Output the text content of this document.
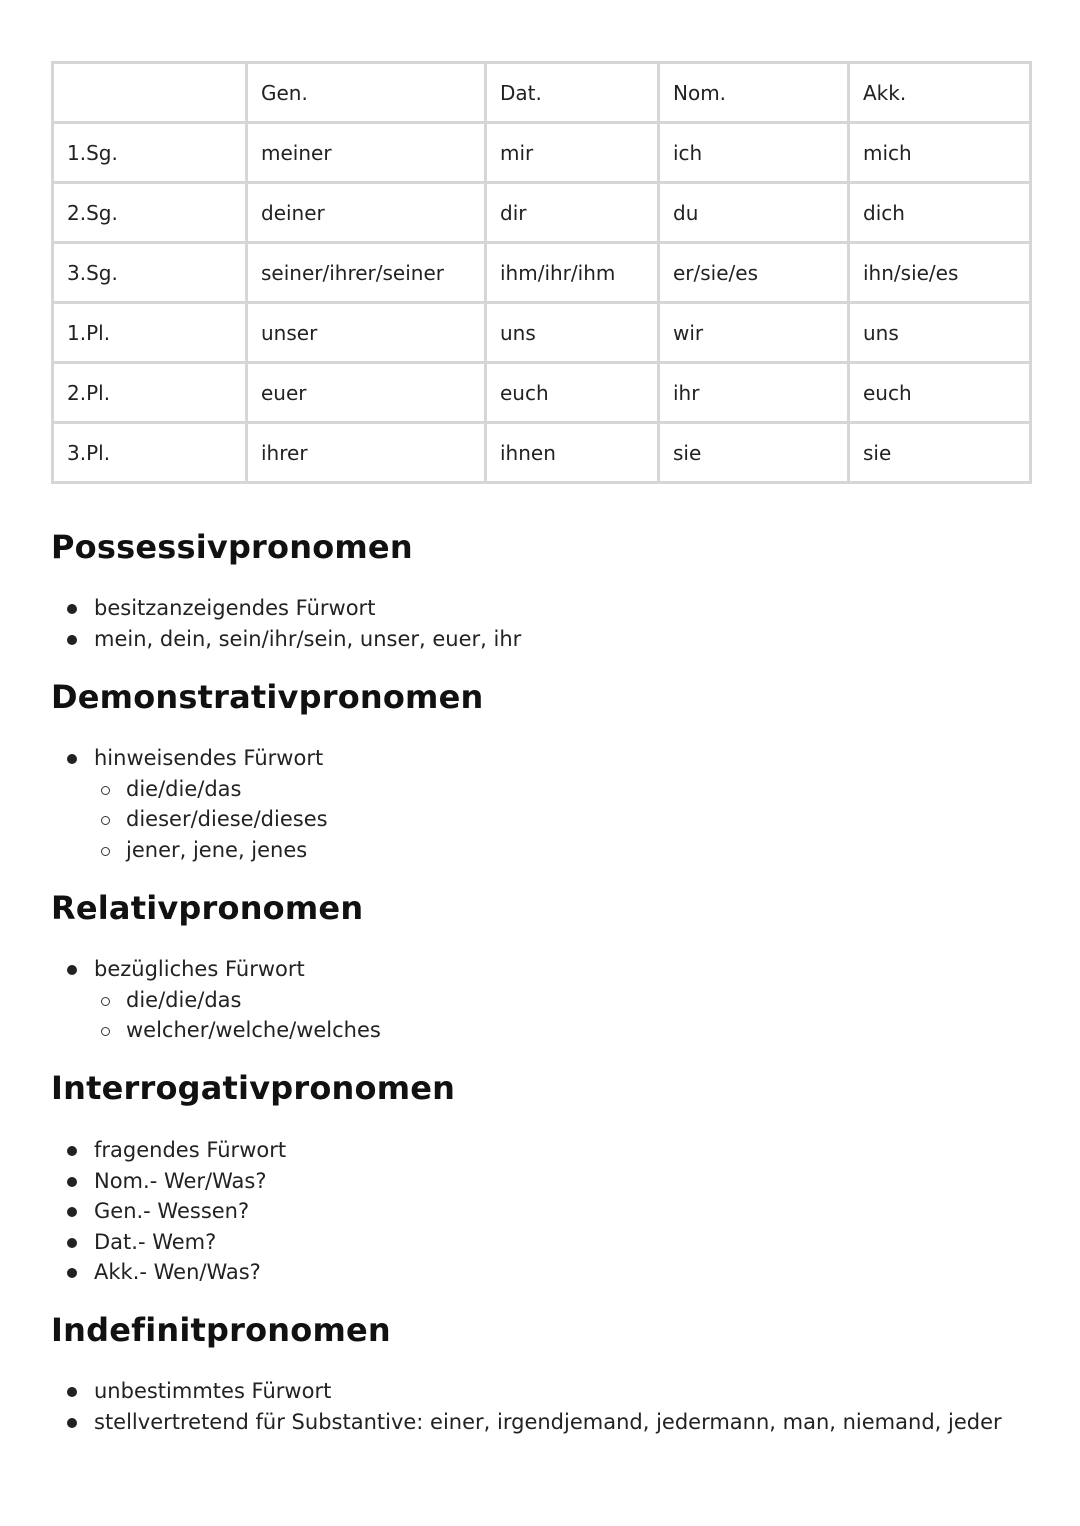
	Gen.	Dat.	Nom.	Akk.
1.Sg.	meiner	mir	ich	mich
2.Sg.	deiner	dir	du	dich
3.Sg.	seiner/ihrer/seiner	ihm/ihr/ihm	er/sie/es	ihn/sie/es
1.Pl.	unser	uns	wir	uns
2.Pl.	euer	euch	ihr	euch
3.Pl.	ihrer	ihnen	sie	sie
Possessivpronomen
besitzanzeigendes Fürwort
mein, dein, sein/ihr/sein, unser, euer, ihr
Demonstrativpronomen
hinweisendes Fürwort
die/die/das
dieser/diese/dieses
jener, jene, jenes
Relativpronomen
bezügliches Fürwort
die/die/das
welcher/welche/welches
Interrogativpronomen
fragendes Fürwort
Nom.- Wer/Was?
Gen.- Wessen?
Dat.- Wem?
Akk.- Wen/Was?
Indefinitpronomen
unbestimmtes Fürwort
stellvertretend für Substantive: einer, irgendjemand, jedermann, man, niemand, jeder
